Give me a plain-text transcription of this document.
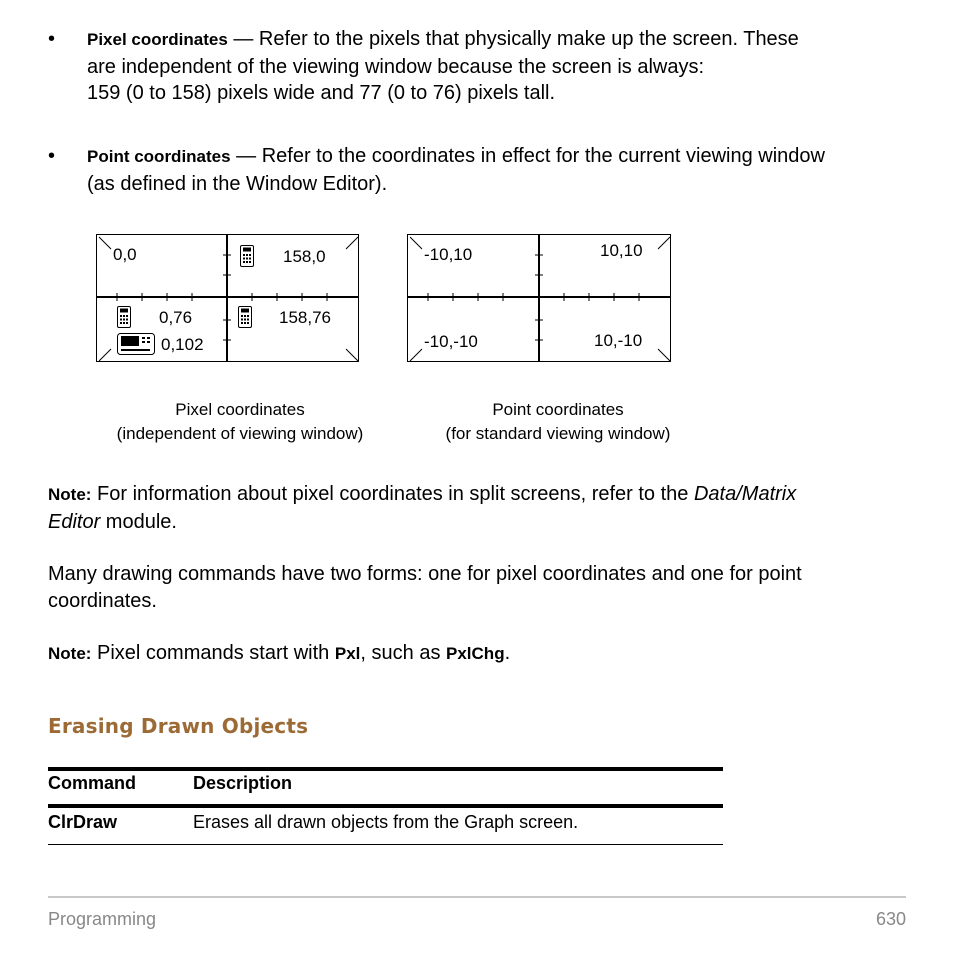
• Pixel coordinates — Refer to the pixels that physically make up the screen. These
are independent of the viewing window because the screen is always:
159 (0 to 158) pixels wide and 77 (0 to 76) pixels tall.
• Point coordinates — Refer to the coordinates in effect for the current viewing window
(as defined in the Window Editor).
0,0	158,0
0,76
0,102
158,76
-10,10	10,10
-10,-10	10,-10
Pixel coordinates
(independent of viewing window)
Point coordinates
(for standard viewing window)
Note: For information about pixel coordinates in split screens, refer to the Data/Matrix
Editor module.
Many drawing commands have two forms: one for pixel coordinates and one for point
coordinates.
Note: Pixel commands start with Pxl, such as PxlChg.
Erasing Drawn Objects
Command	Description
ClrDraw	Erases all drawn objects from the Graph screen.
Programming	630
